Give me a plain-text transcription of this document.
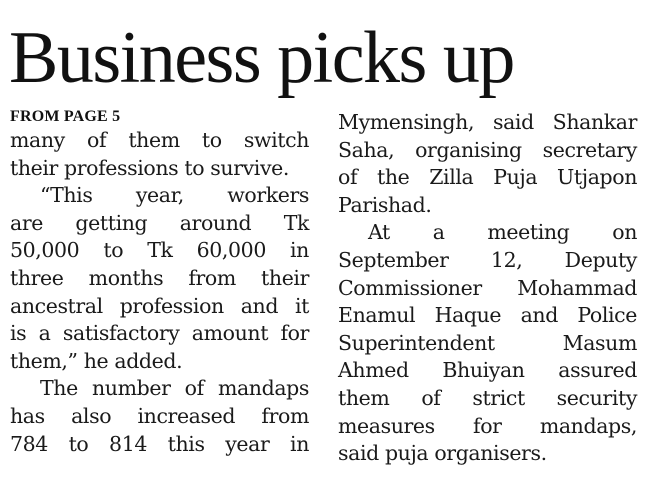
Business picks up
FROM PAGE 5
many of them to switch
their professions to survive.
“This year, workers
are getting around Tk
50,000 to Tk 60,000 in
three months from their
ancestral profession and it
is a satisfactory amount for
them,” he added.
The number of mandaps
has also increased from
784 to 814 this year in
Mymensingh, said Shankar
Saha, organising secretary
of the Zilla Puja Utjapon
Parishad.
At a meeting on
September 12, Deputy
Commissioner Mohammad
Enamul Haque and Police
Superintendent Masum
Ahmed Bhuiyan assured
them of strict security
measures for mandaps,
said puja organisers.
